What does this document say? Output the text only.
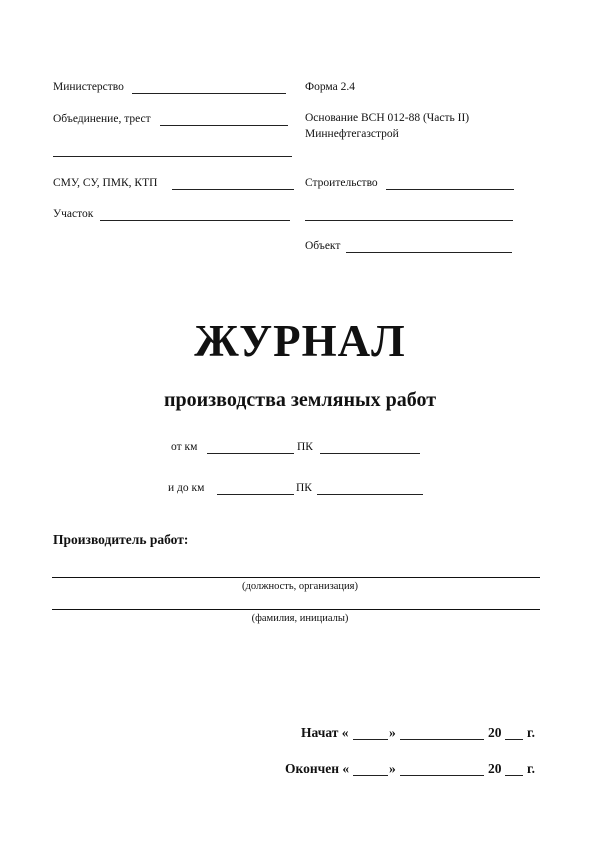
Министерство
Объединение, трест
СМУ, СУ, ПМК, КТП
Участок
Форма 2.4
Основание ВСН 012-88 (Часть II)
Миннефтегазстрой
Строительство
Объект
ЖУРНАЛ
производства земляных работ
от км	ПК
и до км	ПК
Производитель работ:
(должность, организация)
(фамилия, инициалы)
Начат «	»	20 г.
Окончен «	»	20 г.
